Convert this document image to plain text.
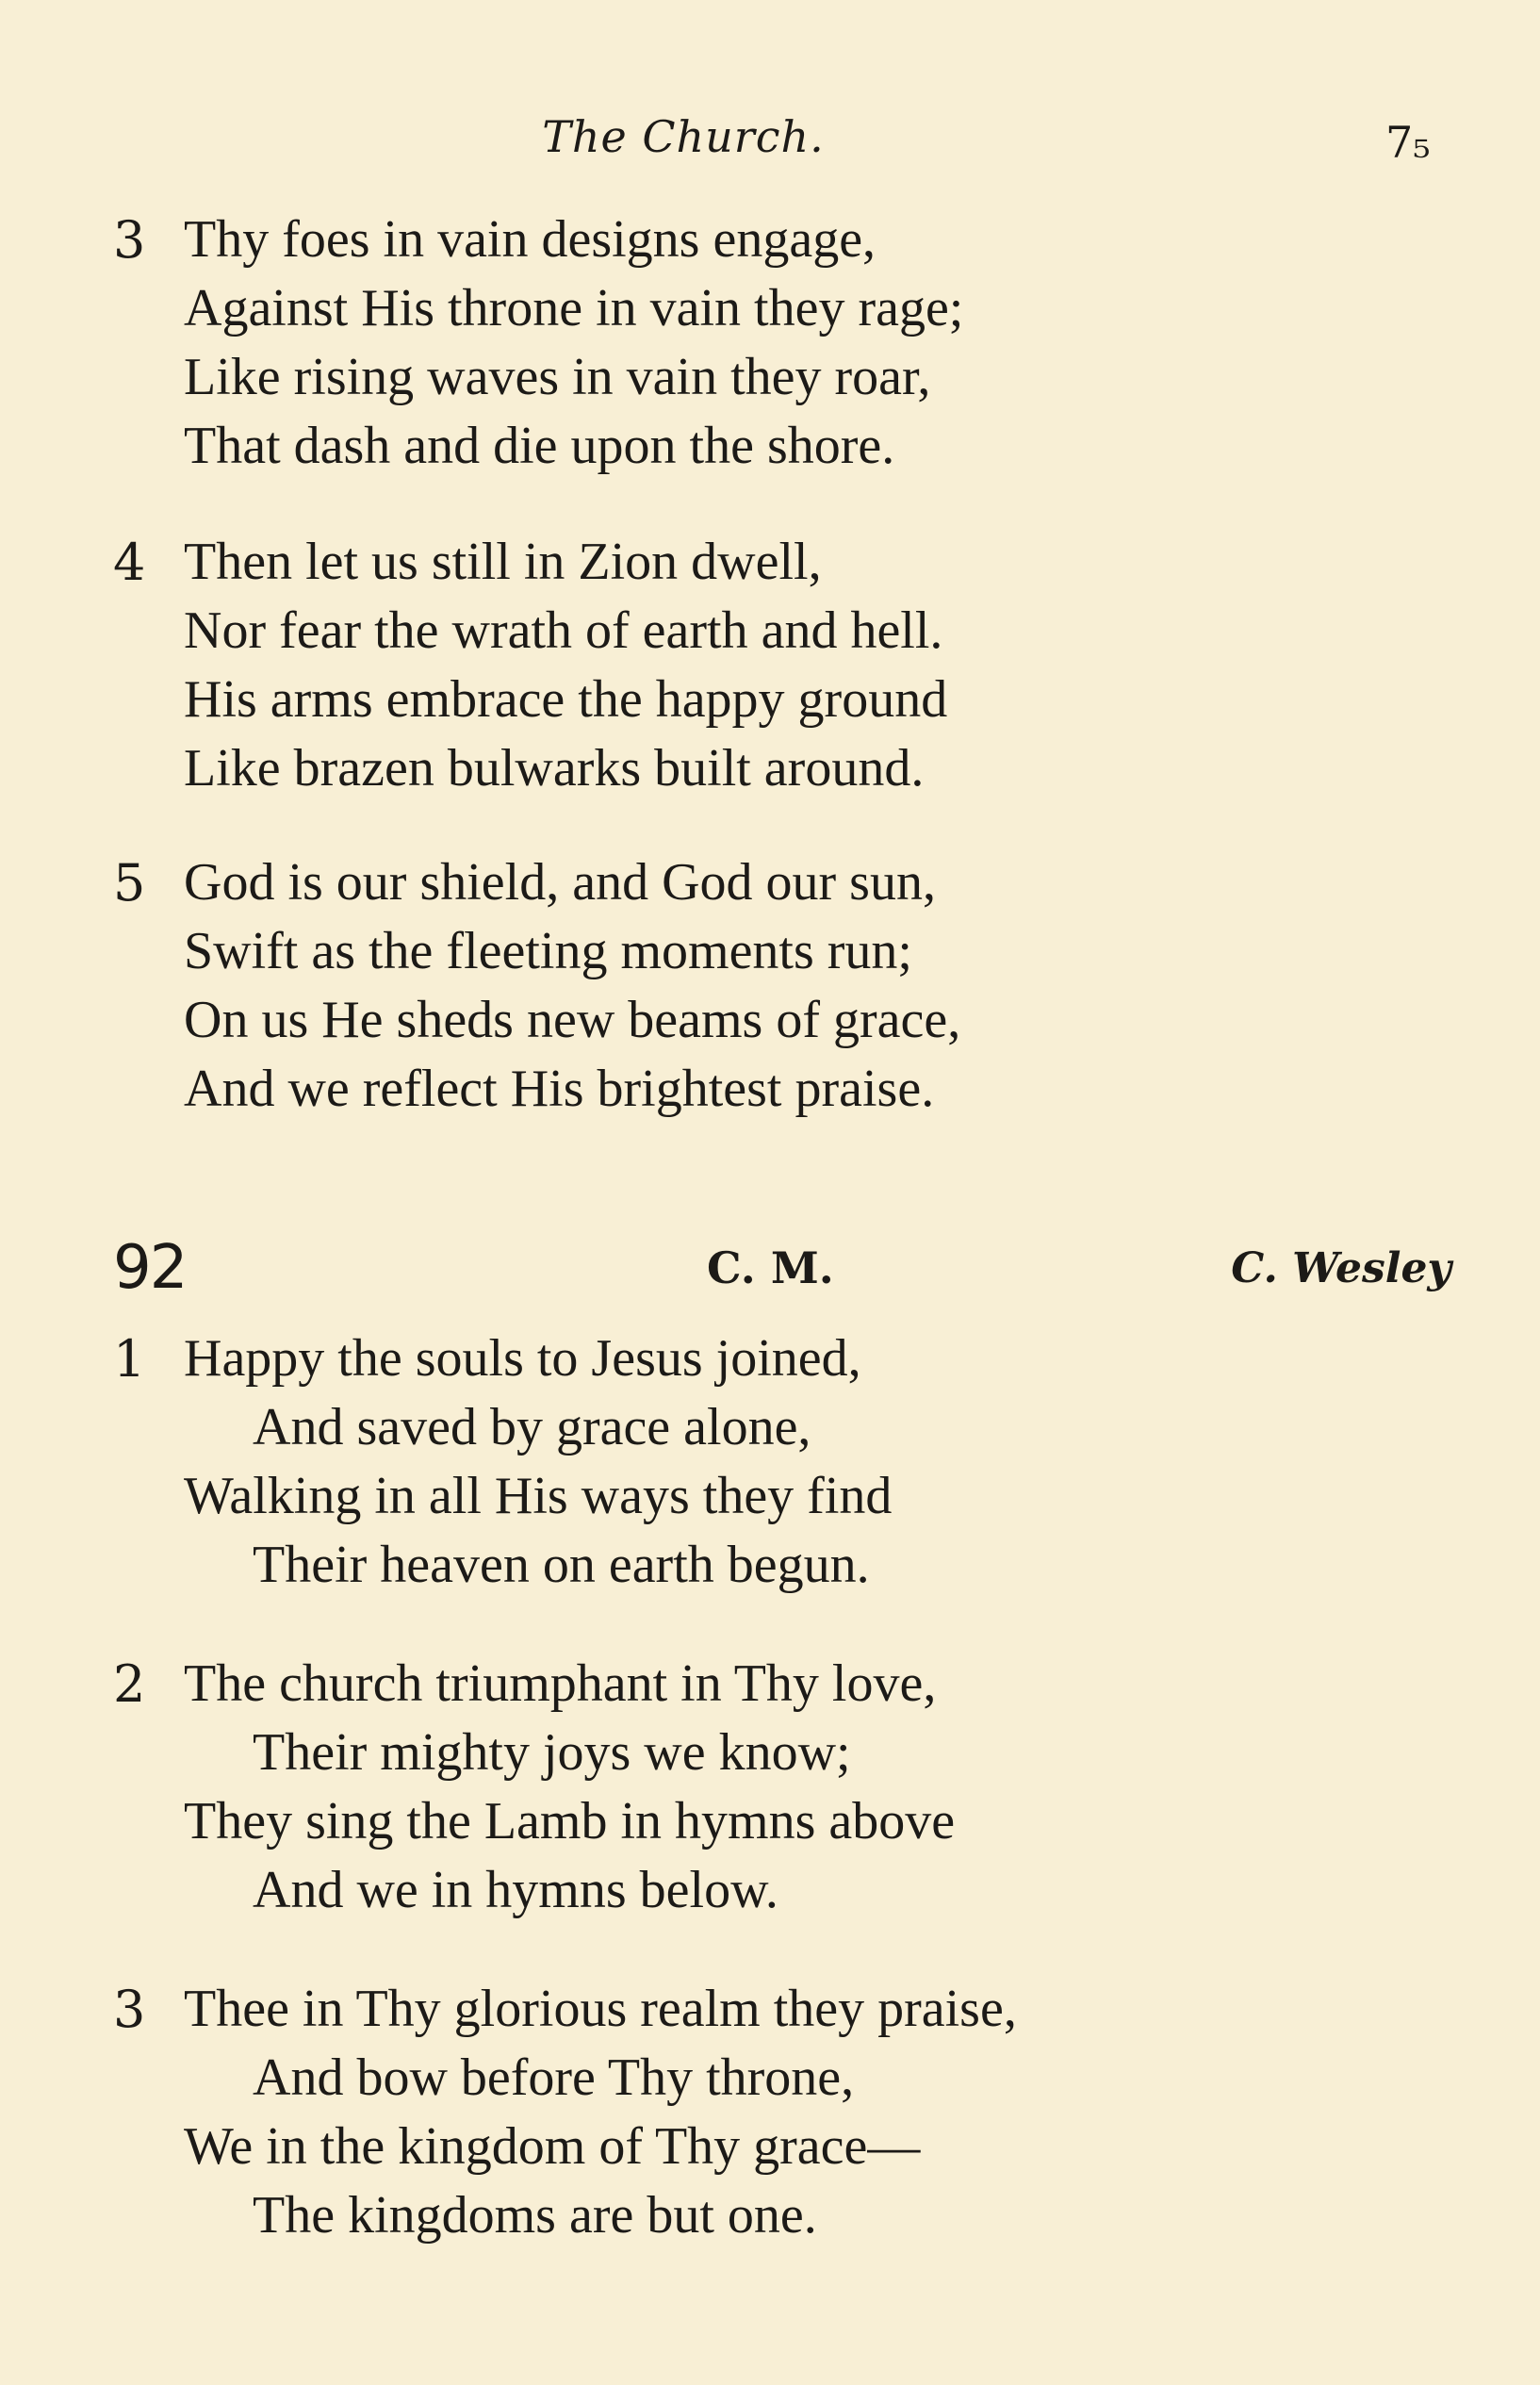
The Church.	7₅
3 Thy foes in vain designs engage,
Against His throne in vain they rage;
Like rising waves in vain they roar,
That dash and die upon the shore.
4 Then let us still in Zion dwell,
Nor fear the wrath of earth and hell.
His arms embrace the happy ground
Like brazen bulwarks built around.
5 God is our shield, and God our sun,
Swift as the fleeting moments run;
On us He sheds new beams of grace,
And we reflect His brightest praise.
92	C. M.	C. Wesley
1 Happy the souls to Jesus joined,
And saved by grace alone,
Walking in all His ways they find
Their heaven on earth begun.
2 The church triumphant in Thy love,
Their mighty joys we know;
They sing the Lamb in hymns above
And we in hymns below.
3 Thee in Thy glorious realm they praise,
And bow before Thy throne,
We in the kingdom of Thy grace—
The kingdoms are but one.
